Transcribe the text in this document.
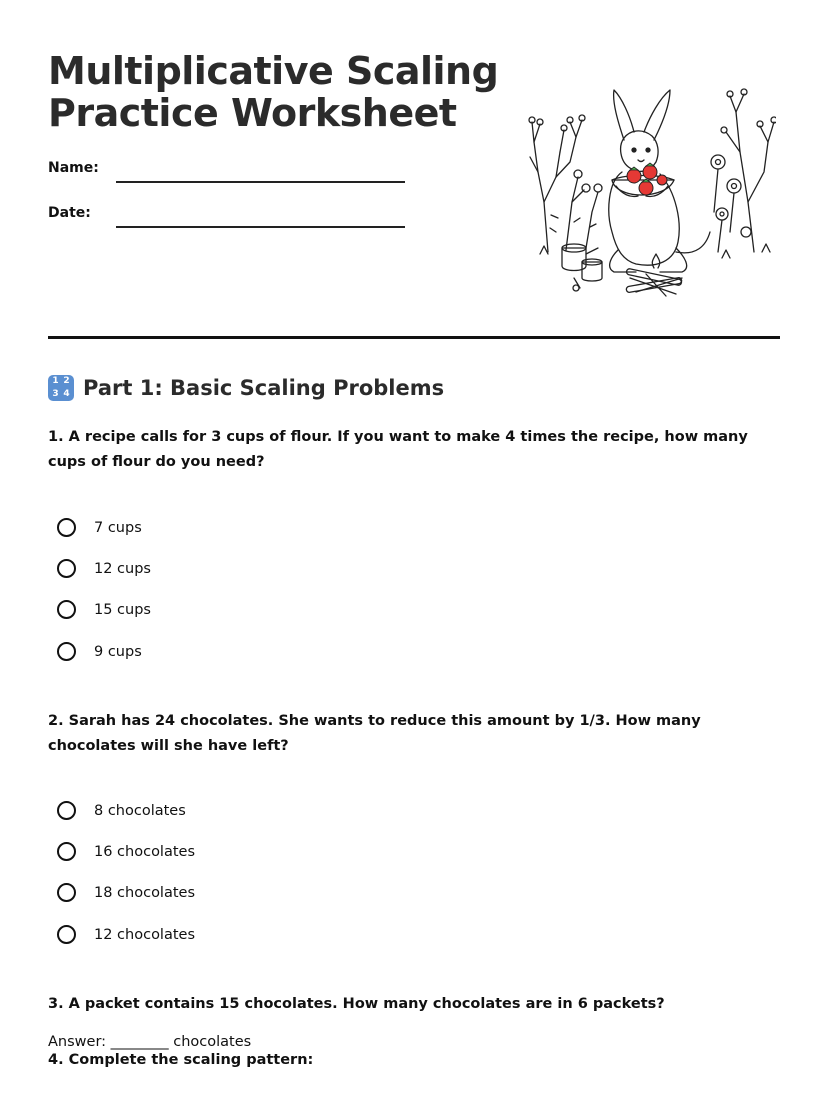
Multiplicative Scaling Practice Worksheet
Name:
Date:
1 2
3 4 Part 1: Basic Scaling Problems
1. A recipe calls for 3 cups of flour. If you want to make 4 times the recipe, how many cups of flour do you need?
7 cups
12 cups
15 cups
9 cups
2. Sarah has 24 chocolates. She wants to reduce this amount by 1/3. How many chocolates will she have left?
8 chocolates
16 chocolates
18 chocolates
12 chocolates
3. A packet contains 15 chocolates. How many chocolates are in 6 packets?
Answer: ________ chocolates
4. Complete the scaling pattern:
